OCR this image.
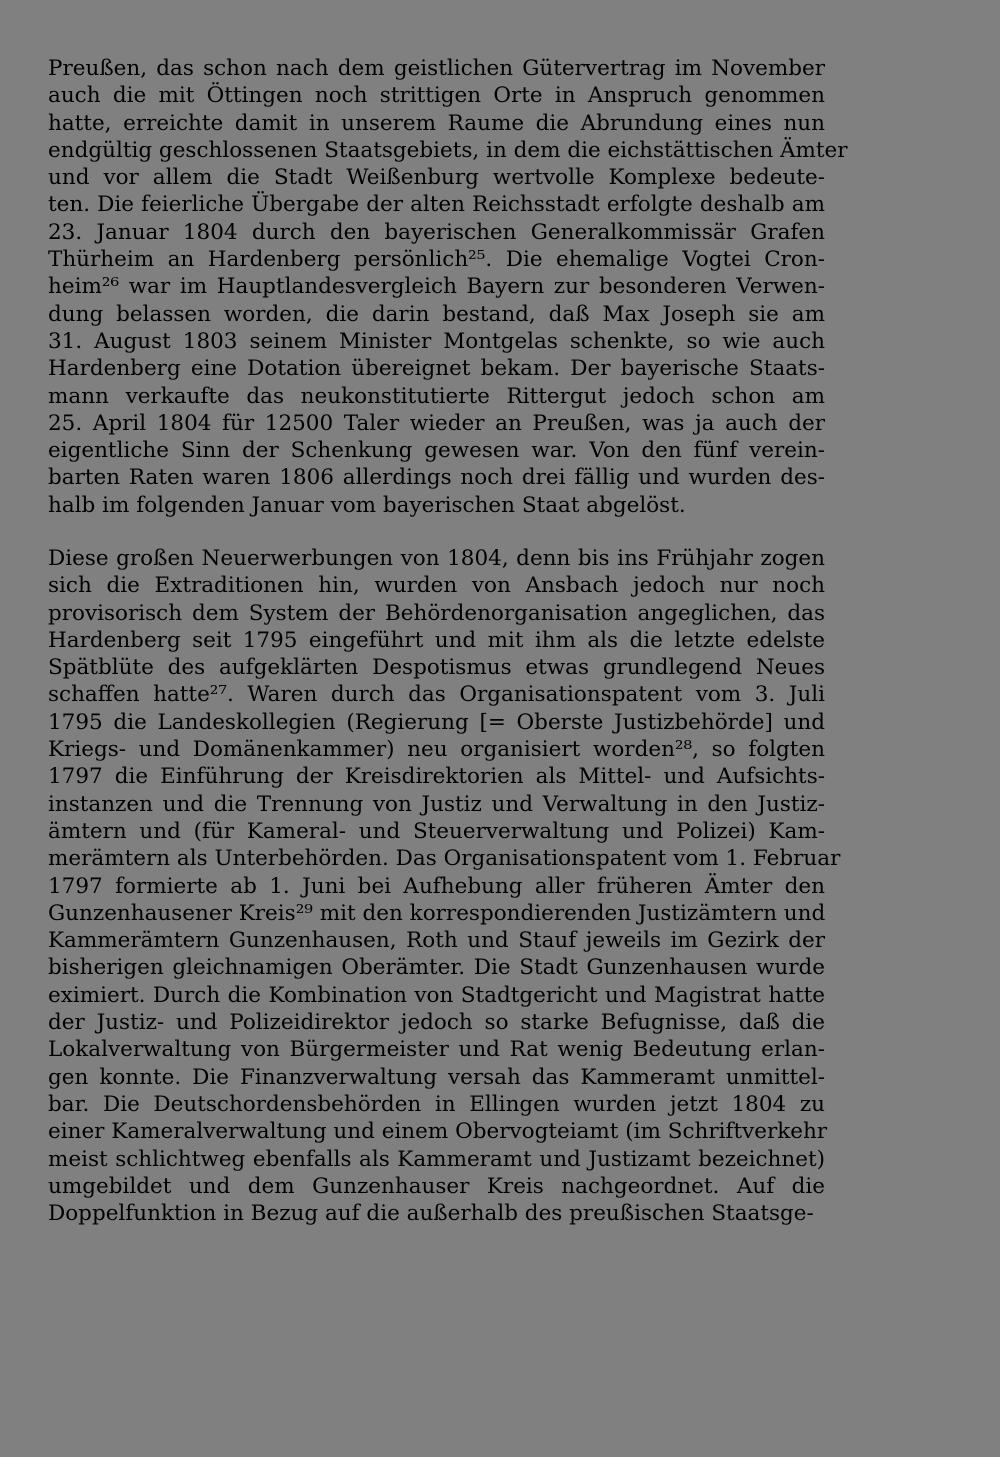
Preußen, das schon nach dem geistlichen Gütervertrag im November
auch die mit Öttingen noch strittigen Orte in Anspruch genommen
hatte, erreichte damit in unserem Raume die Abrundung eines nun
endgültig geschlossenen Staatsgebiets, in dem die eichstättischen Ämter
und vor allem die Stadt Weißenburg wertvolle Komplexe bedeute-
ten. Die feierliche Übergabe der alten Reichsstadt erfolgte deshalb am
23. Januar 1804 durch den bayerischen Generalkommissär Grafen
Thürheim an Hardenberg persönlich²⁵. Die ehemalige Vogtei Cron-
heim²⁶ war im Hauptlandesvergleich Bayern zur besonderen Verwen-
dung belassen worden, die darin bestand, daß Max Joseph sie am
31. August 1803 seinem Minister Montgelas schenkte, so wie auch
Hardenberg eine Dotation übereignet bekam. Der bayerische Staats-
mann verkaufte das neukonstitutierte Rittergut jedoch schon am
25. April 1804 für 12500 Taler wieder an Preußen, was ja auch der
eigentliche Sinn der Schenkung gewesen war. Von den fünf verein-
barten Raten waren 1806 allerdings noch drei fällig und wurden des-
halb im folgenden Januar vom bayerischen Staat abgelöst.
Diese großen Neuerwerbungen von 1804, denn bis ins Frühjahr zogen
sich die Extraditionen hin, wurden von Ansbach jedoch nur noch
provisorisch dem System der Behördenorganisation angeglichen, das
Hardenberg seit 1795 eingeführt und mit ihm als die letzte edelste
Spätblüte des aufgeklärten Despotismus etwas grundlegend Neues
schaffen hatte²⁷. Waren durch das Organisationspatent vom 3. Juli
1795 die Landeskollegien (Regierung [= Oberste Justizbehörde] und
Kriegs- und Domänenkammer) neu organisiert worden²⁸, so folgten
1797 die Einführung der Kreisdirektorien als Mittel- und Aufsichts-
instanzen und die Trennung von Justiz und Verwaltung in den Justiz-
ämtern und (für Kameral- und Steuerverwaltung und Polizei) Kam-
merämtern als Unterbehörden. Das Organisationspatent vom 1. Februar
1797 formierte ab 1. Juni bei Aufhebung aller früheren Ämter den
Gunzenhausener Kreis²⁹ mit den korrespondierenden Justizämtern und
Kammerämtern Gunzenhausen, Roth und Stauf jeweils im Gezirk der
bisherigen gleichnamigen Oberämter. Die Stadt Gunzenhausen wurde
eximiert. Durch die Kombination von Stadtgericht und Magistrat hatte
der Justiz- und Polizeidirektor jedoch so starke Befugnisse, daß die
Lokalverwaltung von Bürgermeister und Rat wenig Bedeutung erlan-
gen konnte. Die Finanzverwaltung versah das Kammeramt unmittel-
bar. Die Deutschordensbehörden in Ellingen wurden jetzt 1804 zu
einer Kameralverwaltung und einem Obervogteiamt (im Schriftverkehr
meist schlichtweg ebenfalls als Kammeramt und Justizamt bezeichnet)
umgebildet und dem Gunzenhauser Kreis nachgeordnet. Auf die
Doppelfunktion in Bezug auf die außerhalb des preußischen Staatsge-
